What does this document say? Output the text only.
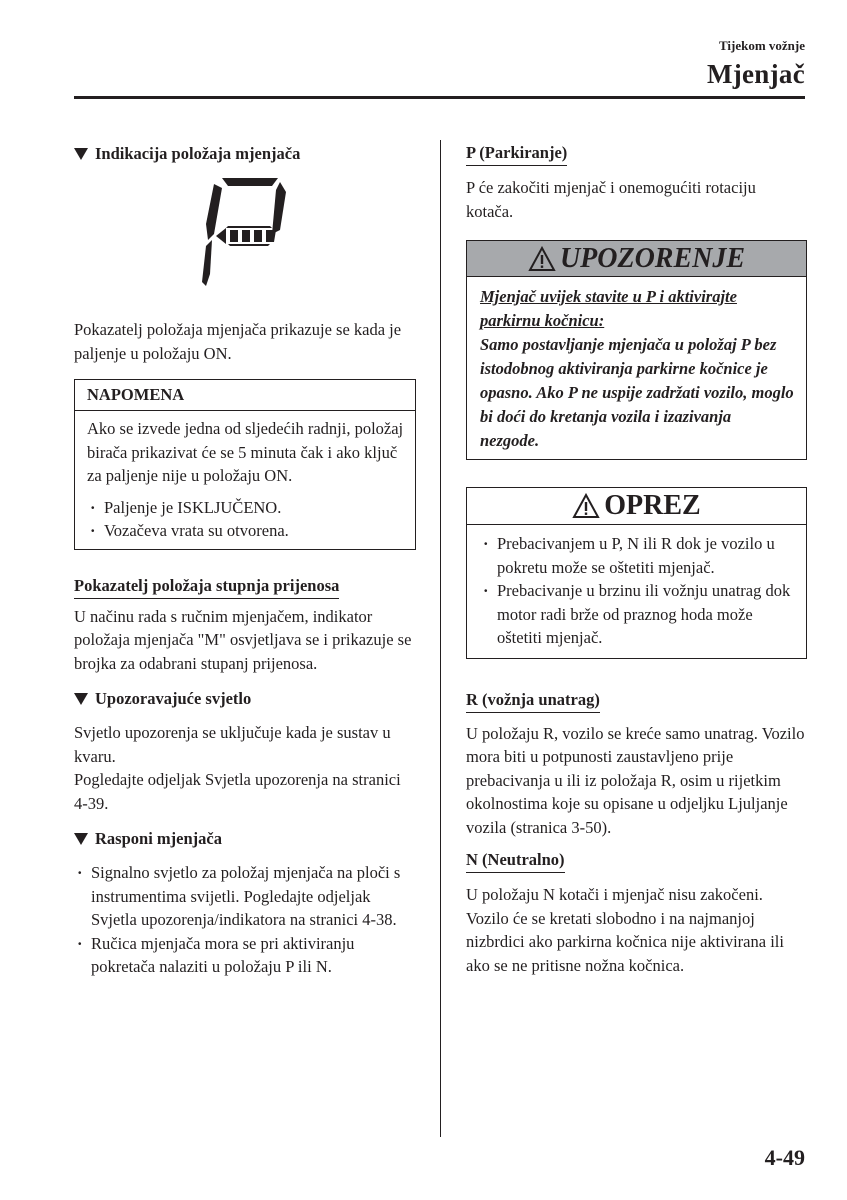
Tijekom vožnje
Mjenjač
Indikacija položaja mjenjača

Pokazatelj položaja mjenjača prikazuje se kada je paljenje u položaju ON.

NAPOMENA

Ako se izvede jedna od sljedećih radnji, položaj birača prikazivat će se 5 minuta čak i ako ključ za paljenje nije u položaju ON.

· Paljenje je ISKLJUČENO.
· Vozačeva vrata su otvorena.
Pokazatelj položaja stupnja prijenosa

U načinu rada s ručnim mjenjačem, indikator položaja mjenjača "M" osvjetljava se i prikazuje se brojka za odabrani stupanj prijenosa.

Upozoravajuće svjetlo

Svjetlo upozorenja se uključuje kada je sustav u kvaru.

Pogledajte odjeljak Svjetla upozorenja na stranici 4-39.

Rasponi mjenjača
· Signalno svjetlo za položaj mjenjača na ploči s instrumentima svijetli. Pogledajte odjeljak Svjetla upozorenja/indikatora na stranici 4-38.
· Ručica mjenjača mora se pri aktiviranju pokretača nalaziti u položaju P ili N.
P (Parkiranje)

P će zakočiti mjenjač i onemogućiti rotaciju kotača.

UPOZORENJE

Mjenjač uvijek stavite u P i aktivirajte parkirnu kočnicu:

Samo postavljanje mjenjača u položaj P bez istodobnog aktiviranja parkirne kočnice je opasno. Ako P ne uspije zadržati vozilo, moglo bi doći do kretanja vozila i izazivanja nezgode.

OPREZ
· Prebacivanjem u P, N ili R dok je vozilo u pokretu može se oštetiti mjenjač.
· Prebacivanje u brzinu ili vožnju unatrag dok motor radi brže od praznog hoda može oštetiti mjenjač.
R (vožnja unatrag)

U položaju R, vozilo se kreće samo unatrag. Vozilo mora biti u potpunosti zaustavljeno prije prebacivanja u ili iz položaja R, osim u rijetkim okolnostima koje su opisane u odjeljku Ljuljanje vozila (stranica 3-50).

N (Neutralno)

U položaju N kotači i mjenjač nisu zakočeni. Vozilo će se kretati slobodno i na najmanjoj nizbrdici ako parkirna kočnica nije aktivirana ili ako se ne pritisne nožna kočnica.

4-49
